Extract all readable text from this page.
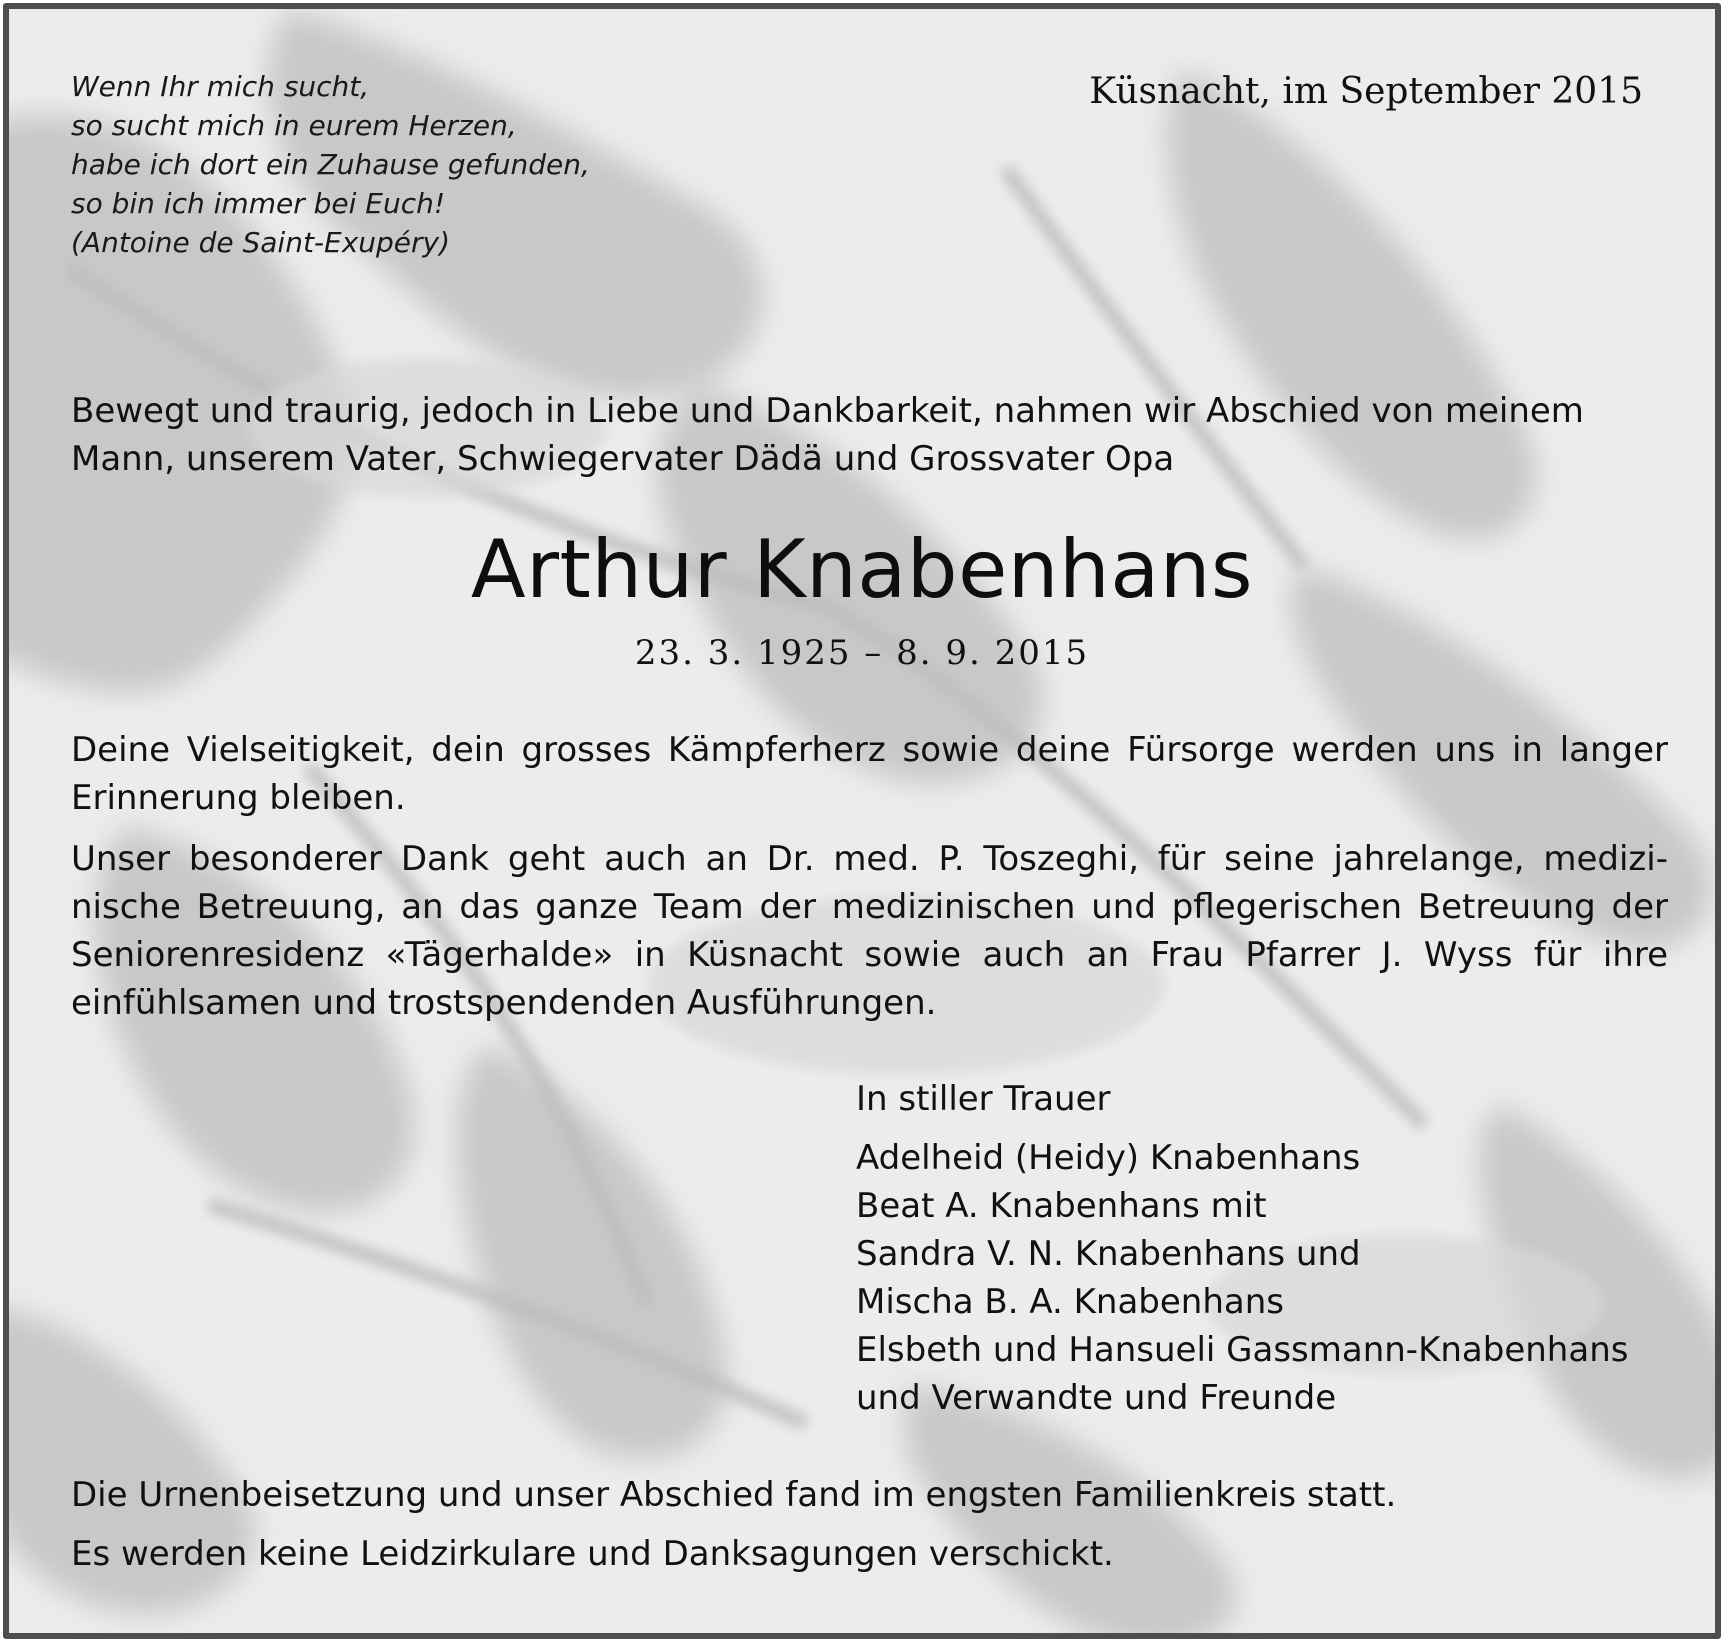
Wenn Ihr mich sucht,
so sucht mich in eurem Herzen,
habe ich dort ein Zuhause gefunden,
so bin ich immer bei Euch!
(Antoine de Saint-Exupéry)
Küsnacht, im September 2015
Bewegt und traurig, jedoch in Liebe und Dankbarkeit, nahmen wir Abschied von meinem
Mann, unserem Vater, Schwiegervater Dädä und Grossvater Opa
Arthur Knabenhans
23. 3. 1925 – 8. 9. 2015
Deine Vielseitigkeit, dein grosses Kämpferherz sowie deine Fürsorge werden uns in langer
Erinnerung bleiben.
Unser besonderer Dank geht auch an Dr. med. P. Toszeghi, für seine jahrelange, medizi-
nische Betreuung, an das ganze Team der medizinischen und pflegerischen Betreuung der
Seniorenresidenz «Tägerhalde» in Küsnacht sowie auch an Frau Pfarrer J. Wyss für ihre
einfühlsamen und trostspendenden Ausführungen.
In stiller Trauer
Adelheid (Heidy) Knabenhans
Beat A. Knabenhans mit
Sandra V. N. Knabenhans und
Mischa B. A. Knabenhans
Elsbeth und Hansueli Gassmann-Knabenhans
und Verwandte und Freunde
Die Urnenbeisetzung und unser Abschied fand im engsten Familienkreis statt.
Es werden keine Leidzirkulare und Danksagungen verschickt.
